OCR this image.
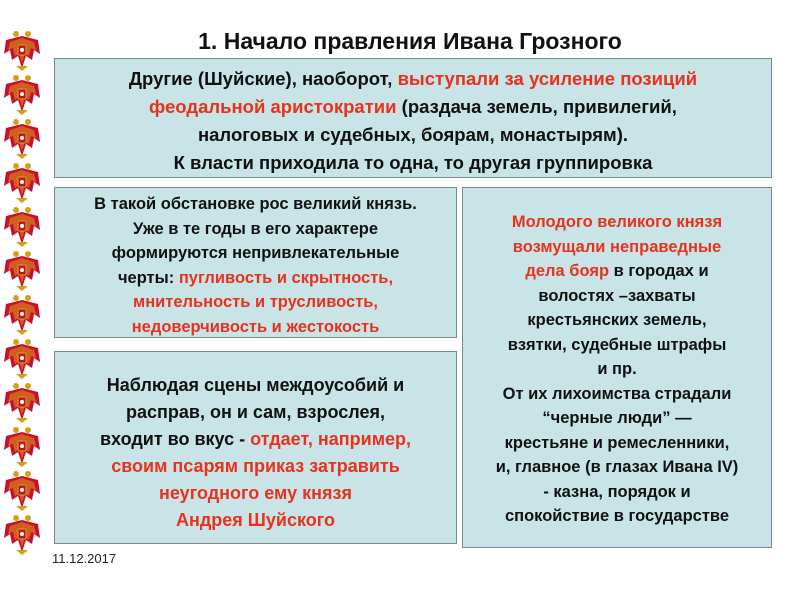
1. Начало правления Ивана Грозного
Другие (Шуйские), наоборот, выступали за усиление позиций
феодальной аристократии (раздача земель, привилегий,
налоговых и судебных, боярам, монастырям).
К власти приходила то одна, то другая группировка
В такой обстановке рос великий князь.
Уже в те годы в его характере
формируются непривлекательные
черты: пугливость и скрытность,
мнительность и трусливость,
недоверчивость и жестокость
Наблюдая сцены междоусобий и
расправ, он и сам, взрослея,
входит во вкус - отдает, например,
своим псарям приказ затравить
неугодного ему князя
Андрея Шуйского
Молодого великого князя
возмущали неправедные
дела бояр в городах и
волостях –захваты
крестьянских земель,
взятки, судебные штрафы
и пр.
От их лихоимства страдали
“черные люди” —
крестьяне и ремесленники,
и, главное (в глазах Ивана IV)
- казна, порядок и
спокойствие в государстве
11.12.2017
